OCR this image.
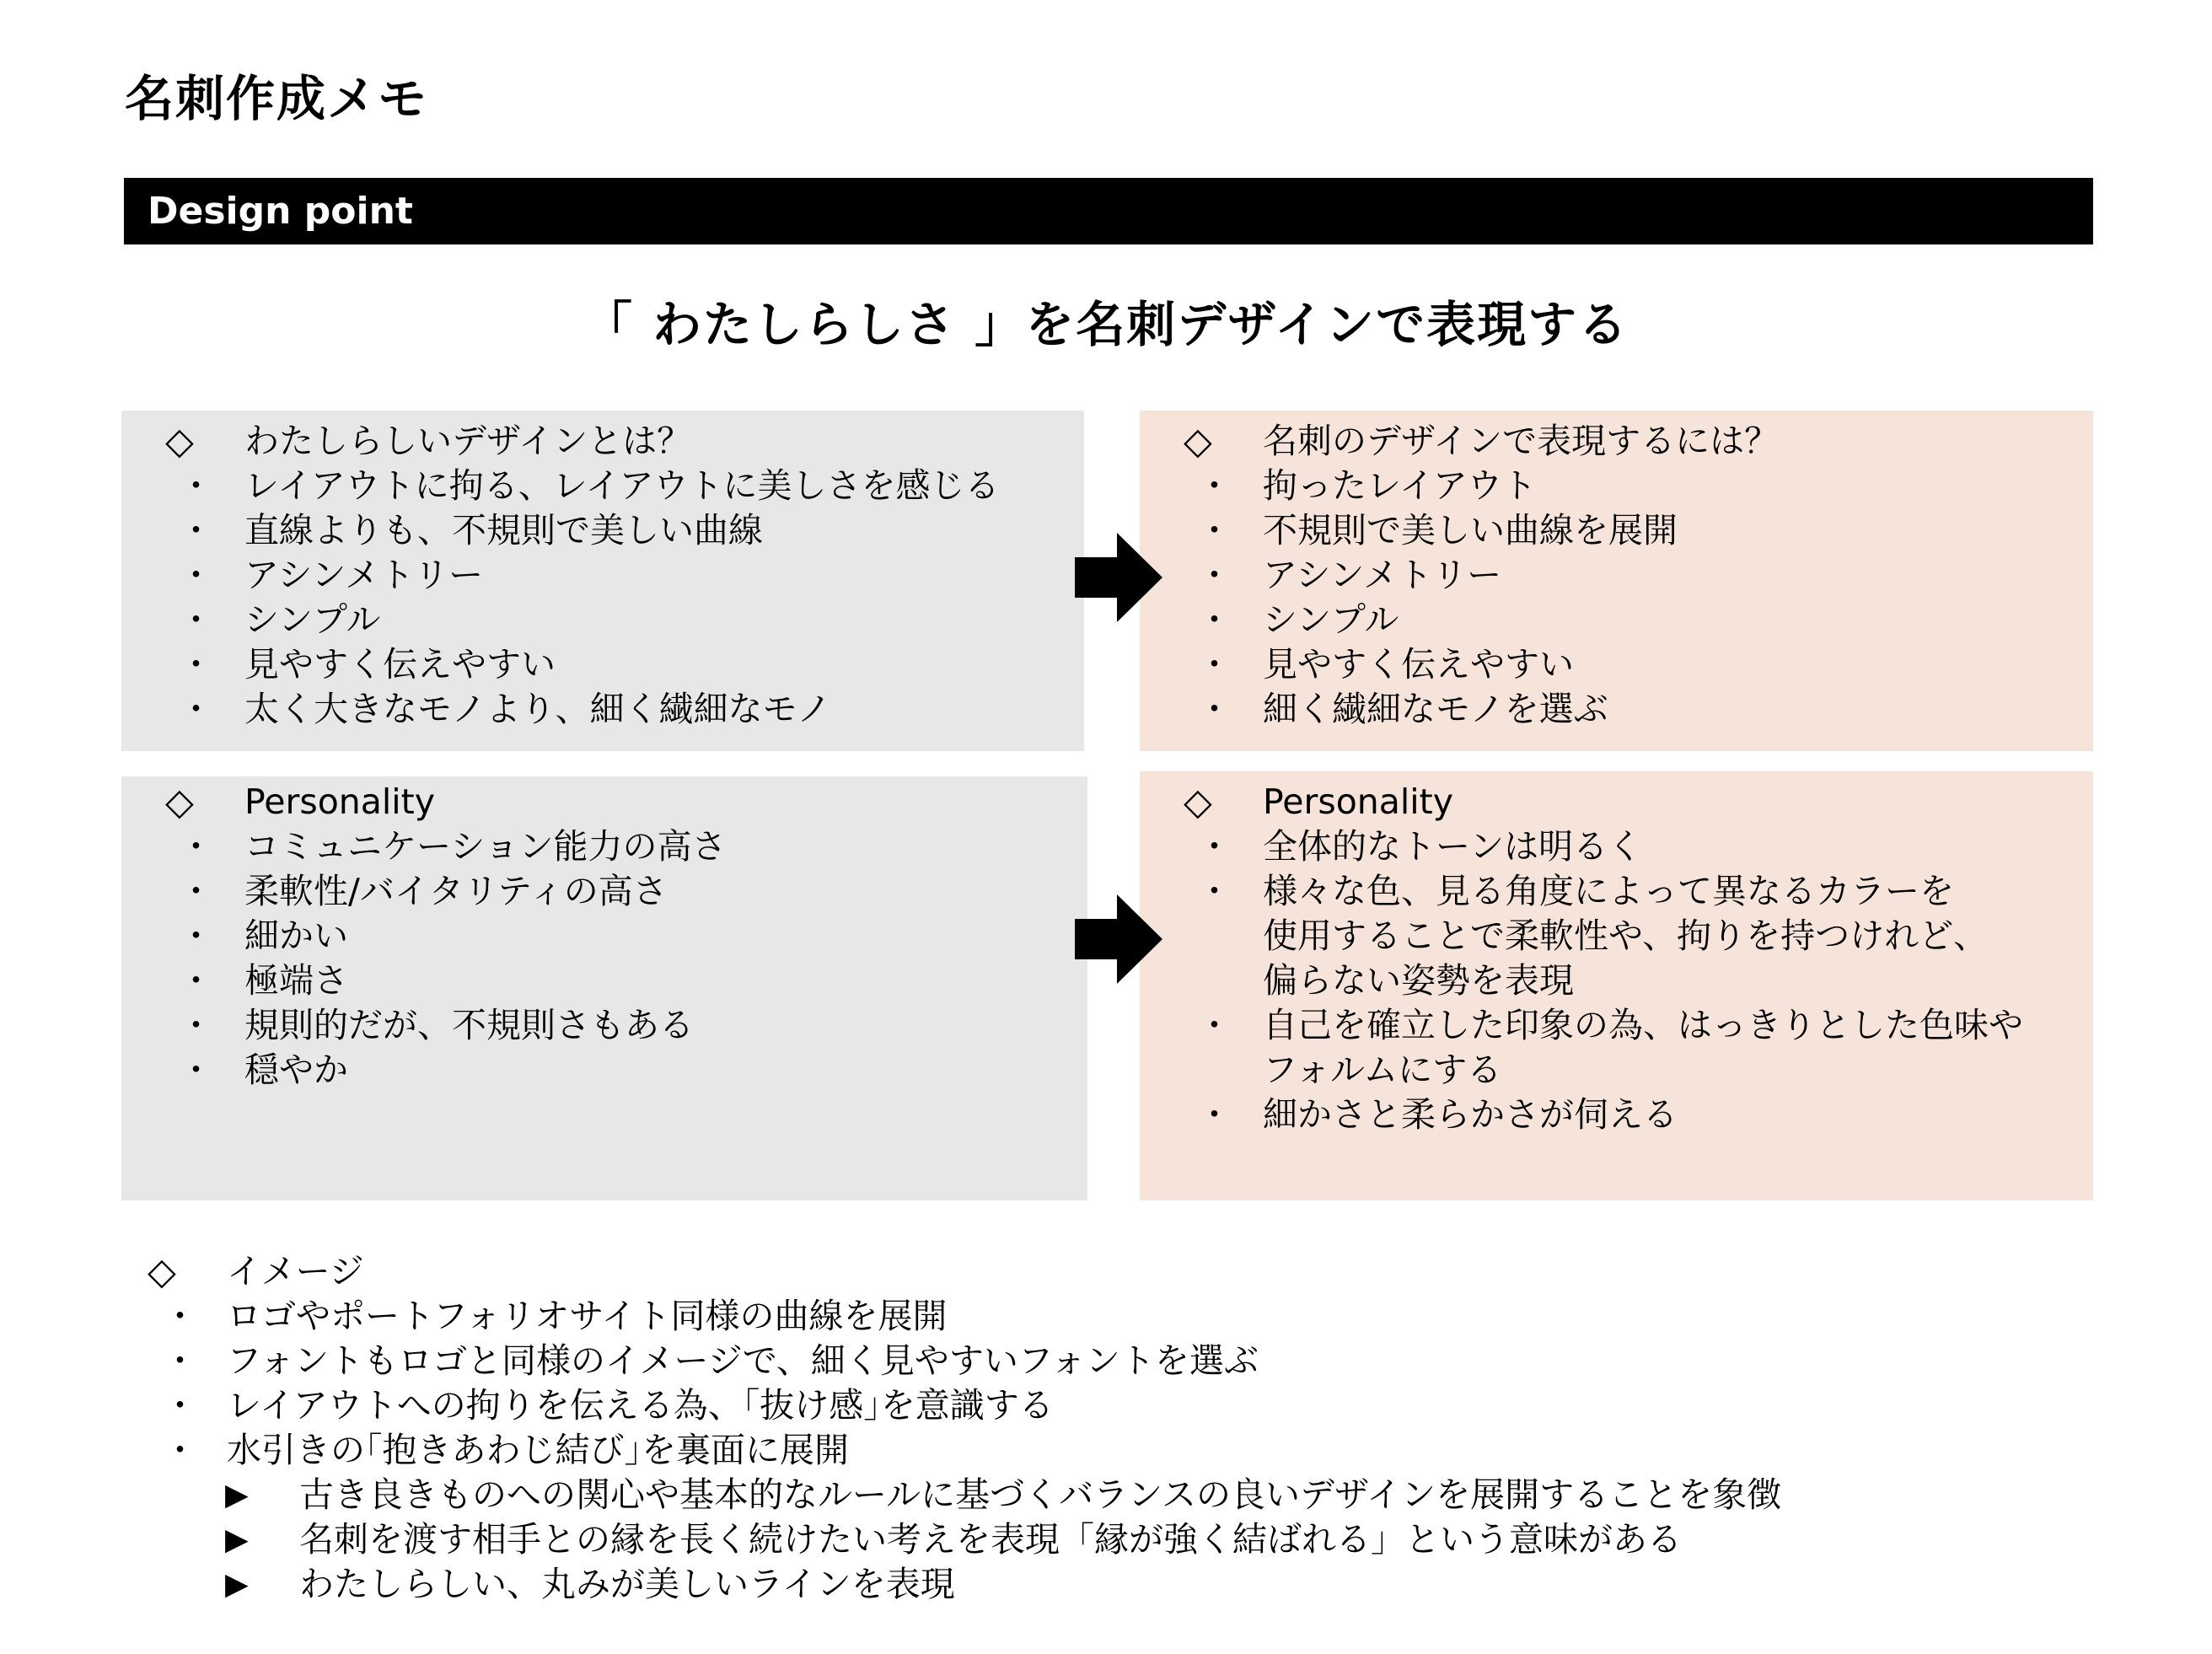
名刺作成メモ
Design point
「 わたしらしさ 」を名刺デザインで表現する
◇	わたしらしいデザインとは？
・ レイアウトに拘る、レイアウトに美しさを感じる
・ 直線よりも、不規則で美しい曲線
・ アシンメトリー
・ シンプル
・ 見やすく伝えやすい
・ 太く大きなモノより、細く繊細なモノ
◇	名刺のデザインで表現するには？
・ 拘ったレイアウト
・ 不規則で美しい曲線を展開
・ アシンメトリー
・ シンプル
・ 見やすく伝えやすい
・ 細く繊細なモノを選ぶ
◇	Personality
・ コミュニケーション能力の高さ
・ 柔軟性/バイタリティの高さ
・ 細かい
・ 極端さ
・ 規則的だが、不規則さもある
・ 穏やか
◇	Personality
・ 全体的なトーンは明るく
・ 様々な色、見る角度によって異なるカラーを
使用することで柔軟性や、拘りを持つけれど、
偏らない姿勢を表現
・ 自己を確立した印象の為、はっきりとした色味や
フォルムにする
・ 細かさと柔らかさが伺える
◇ イメージ
・ ロゴやポートフォリオサイト同様の曲線を展開
・ フォントもロゴと同様のイメージで、細く見やすいフォントを選ぶ
・ レイアウトへの拘りを伝える為、｢抜け感｣を意識する
・ 水引きの｢抱きあわじ結び｣を裏面に展開
▶ 古き良きものへの関心や基本的なルールに基づくバランスの良いデザインを展開することを象徴
▶ 名刺を渡す相手との縁を長く続けたい考えを表現「縁が強く結ばれる」という意味がある
▶ わたしらしい、丸みが美しいラインを表現
